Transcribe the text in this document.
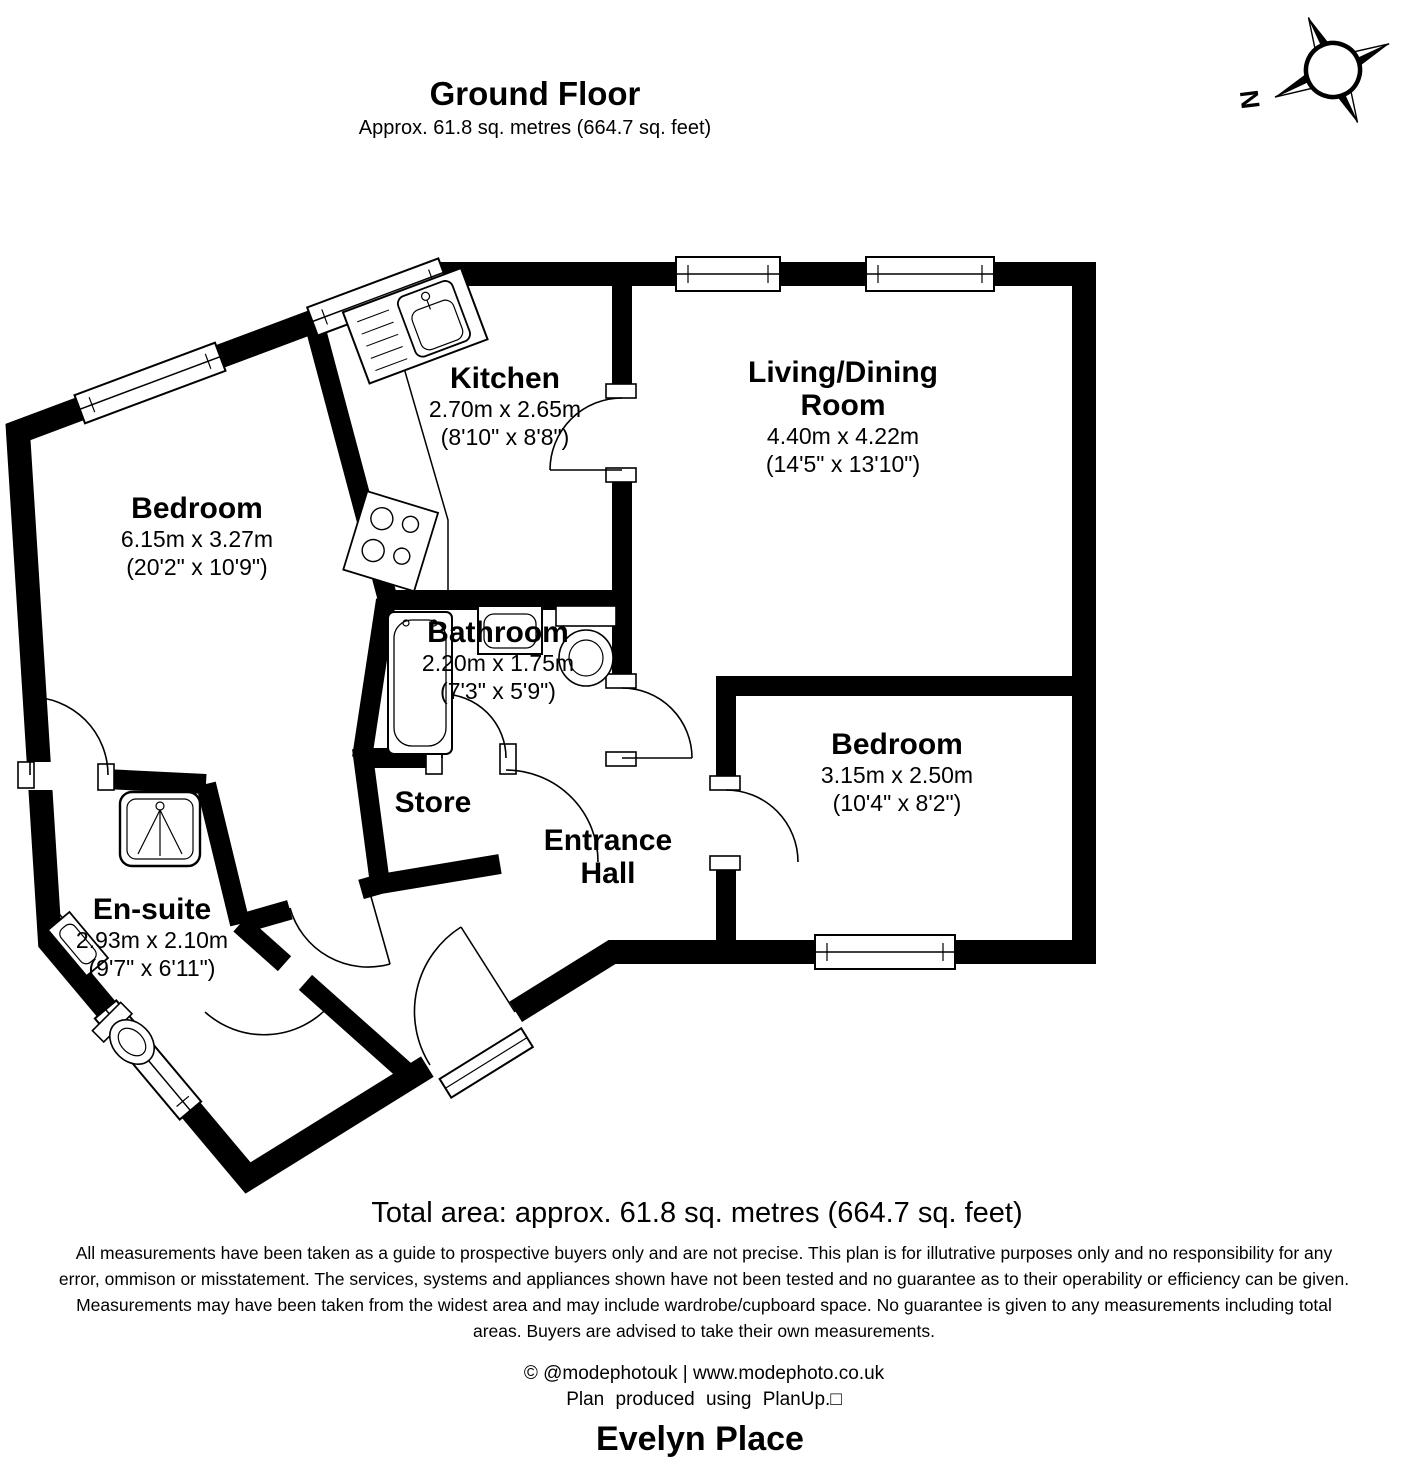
Ground Floor
Approx. 61.8 sq. metres (664.7 sq. feet)
N
Kitchen
2.70m x 2.65m
(8'10" x 8'8")
Living/Dining Room
4.40m x 4.22m
(14'5" x 13'10")
Bedroom
6.15m x 3.27m
(20'2" x 10'9")
Bathroom
2.20m x 1.75m
(7'3" x 5'9")
Bedroom
3.15m x 2.50m
(10'4" x 8'2")
Store
Entrance Hall
En-suite
2.93m x 2.10m
(9'7" x 6'11")
Total area: approx. 61.8 sq. metres (664.7 sq. feet)
All measurements have been taken as a guide to prospective buyers only and are not precise. This plan is for illutrative purposes only and no responsibility for any error, ommison or misstatement. The services, systems and appliances shown have not been tested and no guarantee as to their operability or efficiency can be given. Measurements may have been taken from the widest area and may include wardrobe/cupboard space. No guarantee is given to any measurements including total areas. Buyers are advised to take their own measurements.
© @modephotouk | www.modephoto.co.uk
Plan produced using PlanUp.□
Evelyn Place
